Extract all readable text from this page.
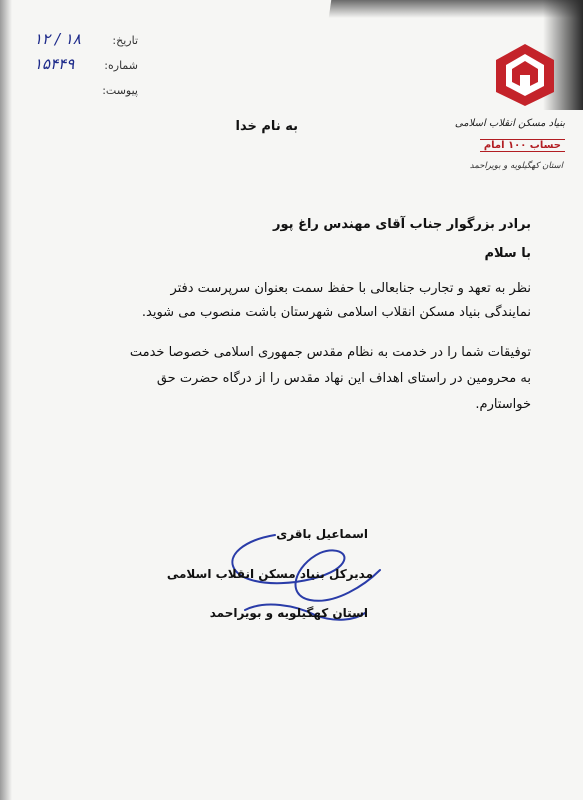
تاریخ:
۱۸ / ۱۲
شماره:
۱۵۴۴۹
پیوست:
بنیاد مسکن انقلاب اسلامی
حساب ۱۰۰ امام
استان کهگیلویه و بویراحمد
به نام خدا
برادر بزرگوار جناب آقای مهندس راغ پور
با سلام
نظر به تعهد و تجارب جنابعالی با حفظ سمت بعنوان سرپرست دفتر
نمایندگی بنیاد مسکن انقلاب اسلامی شهرستان باشت منصوب می شوید.
توفیقات شما را در خدمت به نظام مقدس جمهوری اسلامی خصوصا خدمت
به محرومین در راستای اهداف این نهاد مقدس را از درگاه حضرت حق
خواستارم.
اسماعیل باقری
مدیرکل بنیاد مسکن انقلاب اسلامی
استان کهگیلویه و بویراحمد
